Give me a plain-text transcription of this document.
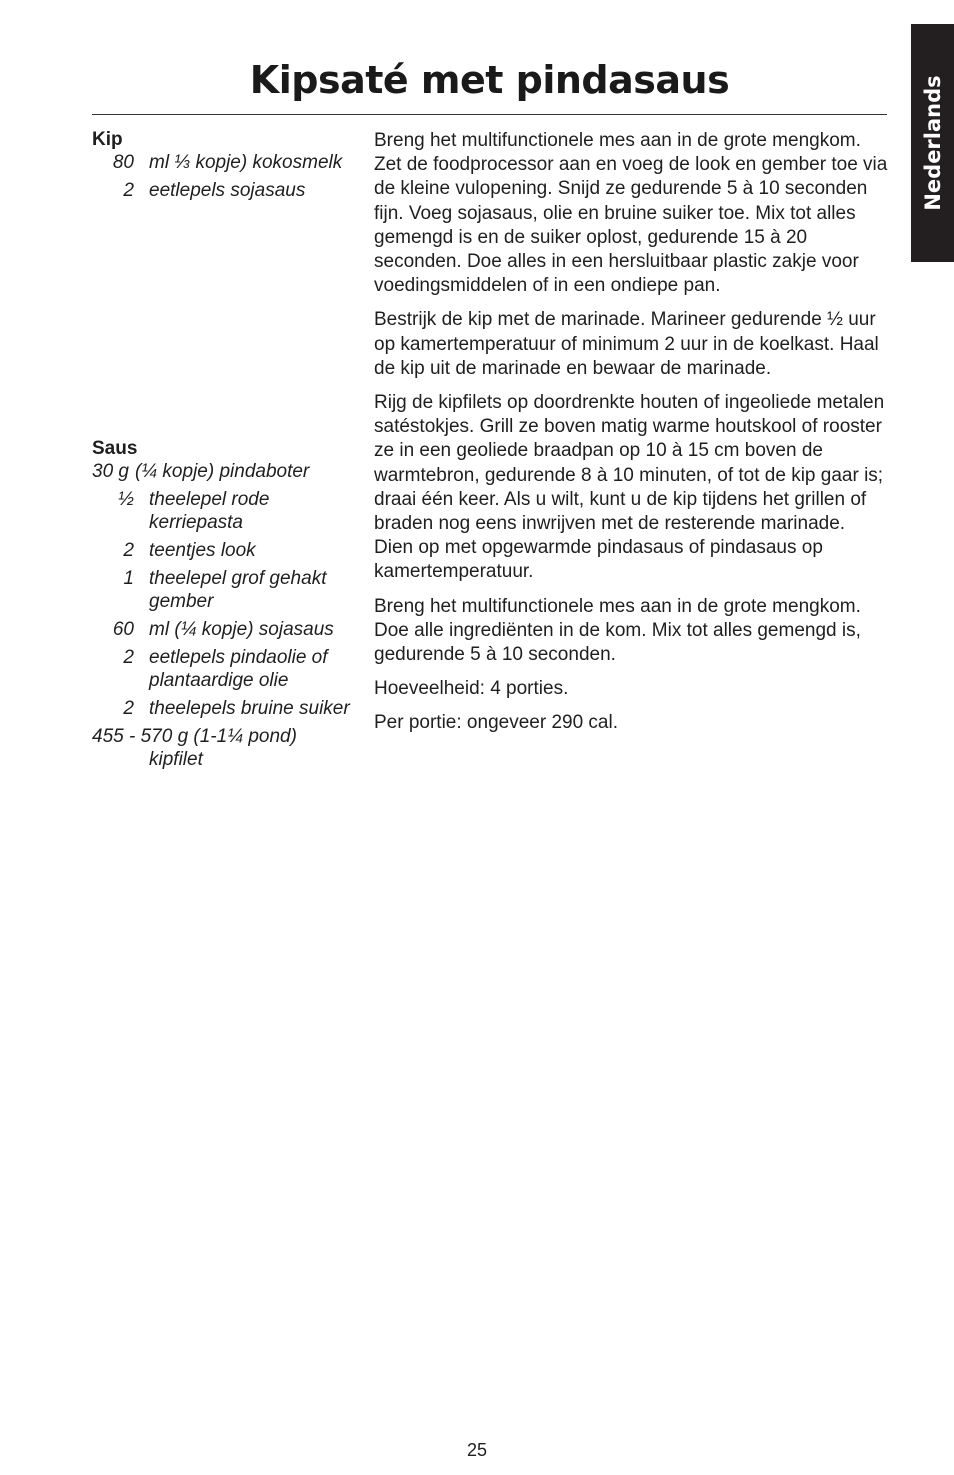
Nederlands
Kipsaté met pindasaus
Kip
80 ml ⅓ kopje) kokosmelk
2 eetlepels sojasaus
Saus
30 g (¼ kopje) pindaboter
½ theelepel rode kerriepasta
2 teentjes look
1 theelepel grof gehakt gember
60 ml (¼ kopje) sojasaus
2 eetlepels pindaolie of plantaardige olie
2 theelepels bruine suiker
455 - 570 g (1-1¼ pond)
kipfilet

Breng het multifunctionele mes aan in de grote mengkom. Zet de foodprocessor aan en voeg de look en gember toe via de kleine vulopening. Snijd ze gedurende 5 à 10 seconden fijn. Voeg sojasaus, olie en bruine suiker toe. Mix tot alles gemengd is en de suiker oplost, gedurende 15 à 20 seconden. Doe alles in een hersluitbaar plastic zakje voor voedingsmiddelen of in een ondiepe pan.

Bestrijk de kip met de marinade. Marineer gedurende ½ uur op kamertemperatuur of minimum 2 uur in de koelkast. Haal de kip uit de marinade en bewaar de marinade.

Rijg de kipfilets op doordrenkte houten of ingeoliede metalen satéstokjes. Grill ze boven matig warme houtskool of rooster ze in een geoliede braadpan op 10 à 15 cm boven de warmtebron, gedurende 8 à 10 minuten, of tot de kip gaar is; draai één keer. Als u wilt, kunt u de kip tijdens het grillen of braden nog eens inwrijven met de resterende marinade. Dien op met opgewarmde pindasaus of pindasaus op kamertemperatuur.

Breng het multifunctionele mes aan in de grote mengkom. Doe alle ingrediënten in de kom. Mix tot alles gemengd is, gedurende 5 à 10 seconden.

Hoeveelheid: 4 porties.

Per portie: ongeveer 290 cal.

25
